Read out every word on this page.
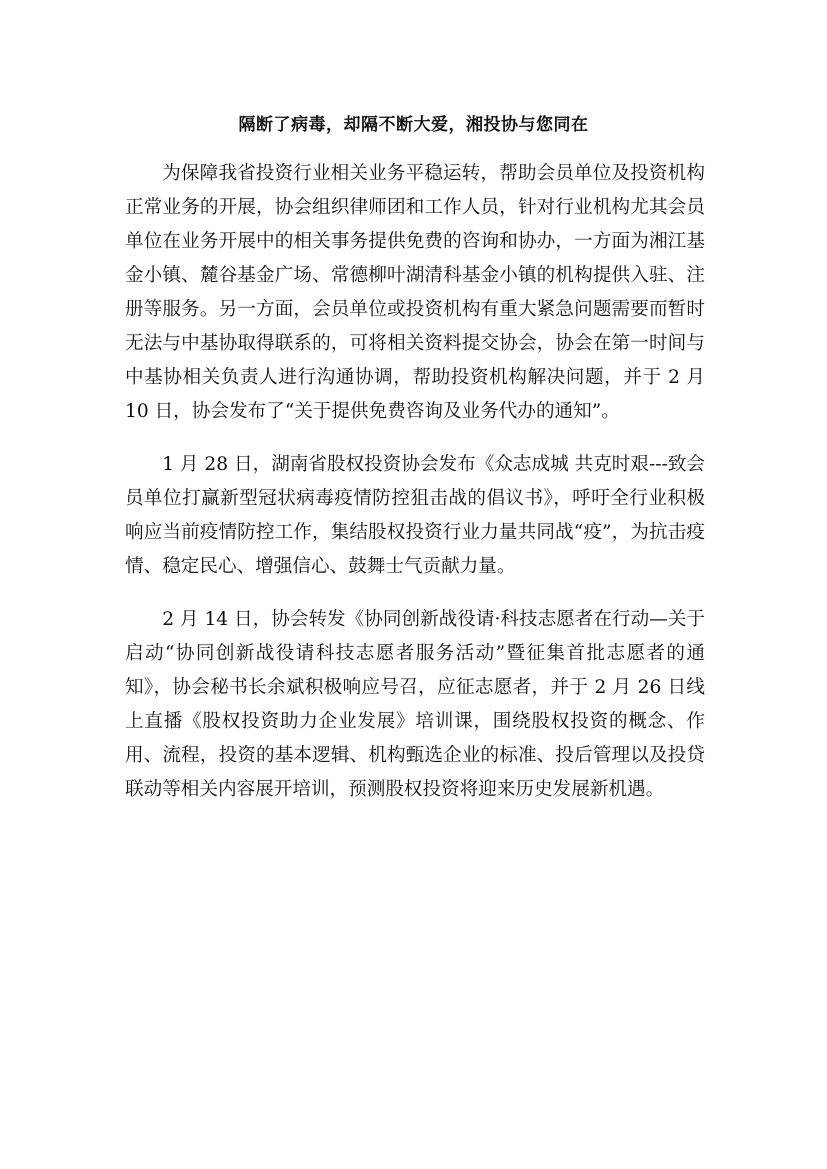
隔断了病毒，却隔不断大爱，湘投协与您同在

为保障我省投资行业相关业务平稳运转，帮助会员单位及投资机构正常业务的开展，协会组织律师团和工作人员，针对行业机构尤其会员单位在业务开展中的相关事务提供免费的咨询和协办，一方面为湘江基金小镇、麓谷基金广场、常德柳叶湖清科基金小镇的机构提供入驻、注册等服务。另一方面，会员单位或投资机构有重大紧急问题需要而暂时无法与中基协取得联系的，可将相关资料提交协会，协会在第一时间与中基协相关负责人进行沟通协调，帮助投资机构解决问题，并于 2 月 10 日，协会发布了“关于提供免费咨询及业务代办的通知”。

1 月 28 日，湖南省股权投资协会发布《众志成城 共克时艰---致会员单位打赢新型冠状病毒疫情防控狙击战的倡议书》，呼吁全行业积极响应当前疫情防控工作，集结股权投资行业力量共同战“疫”，为抗击疫情、稳定民心、增强信心、鼓舞士气贡献力量。

2 月 14 日，协会转发《协同创新战役请·科技志愿者在行动—关于启动“协同创新战役请科技志愿者服务活动”暨征集首批志愿者的通知》，协会秘书长余斌积极响应号召，应征志愿者，并于 2 月 26 日线上直播《股权投资助力企业发展》培训课，围绕股权投资的概念、作用、流程，投资的基本逻辑、机构甄选企业的标准、投后管理以及投贷联动等相关内容展开培训，预测股权投资将迎来历史发展新机遇。
